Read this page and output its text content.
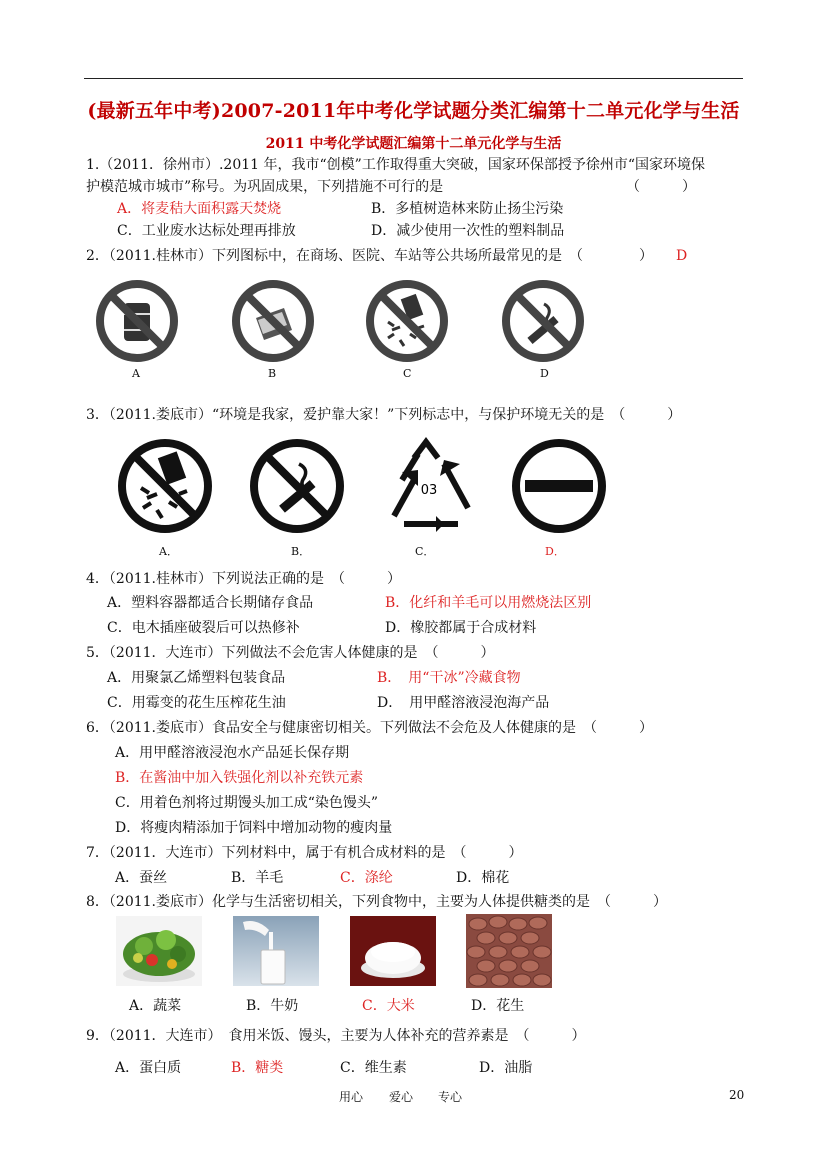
(最新五年中考)2007-2011年中考化学试题分类汇编第十二单元化学与生活
2011 中考化学试题汇编第十二单元化学与生活
1.（2011．徐州市）.2011 年，我市“创模”工作取得重大突破，国家环保部授予徐州市“国家环境保
护模范城市城市”称号。为巩固成果，下列措施不可行的是	（　　　）
A．将麦秸大面积露天焚烧	B．多植树造林来防止扬尘污染
C．工业废水达标处理再排放	D．减少使用一次性的塑料制品
2．（2011.桂林市）下列图标中，在商场、医院、车站等公共场所最常见的是　（　　　　） D
A	B	C	D
3．（2011.娄底市）“环境是我家，爱护靠大家！”下列标志中，与保护环境无关的是　（　　　）
03
A．	B．	C．	D．
4．（2011.桂林市）下列说法正确的是　（　　　）
A．塑料容器都适合长期储存食品	B．化纤和羊毛可以用燃烧法区别
C．电木插座破裂后可以热修补	D．橡胶都属于合成材料
5．（2011．大连市）下列做法不会危害人体健康的是　（　　　）
A．用聚氯乙烯塑料包装食品	B．　用“干冰”冷藏食物
C．用霉变的花生压榨花生油	D．　用甲醛溶液浸泡海产品
6．（2011.娄底市）食品安全与健康密切相关。下列做法不会危及人体健康的是　（　　　）
A．用甲醛溶液浸泡水产品延长保存期
B．在酱油中加入铁强化剂以补充铁元素
C．用着色剂将过期馒头加工成“染色馒头”
D．将瘦肉精添加于饲料中增加动物的瘦肉量
7．（2011．大连市）下列材料中，属于有机合成材料的是　（　　　）
A．蚕丝	B．羊毛	C．涤纶	D．棉花
8．（2011.娄底市）化学与生活密切相关，下列食物中，主要为人体提供糖类的是　（　　　）
A．蔬菜	B．牛奶	C．大米	D．花生
9．（2011．大连市）　食用米饭、馒头，主要为人体补充的营养素是　（　　　）
A．蛋白质	B．糖类	C．维生素	D．油脂
用心 爱心 专心	20
